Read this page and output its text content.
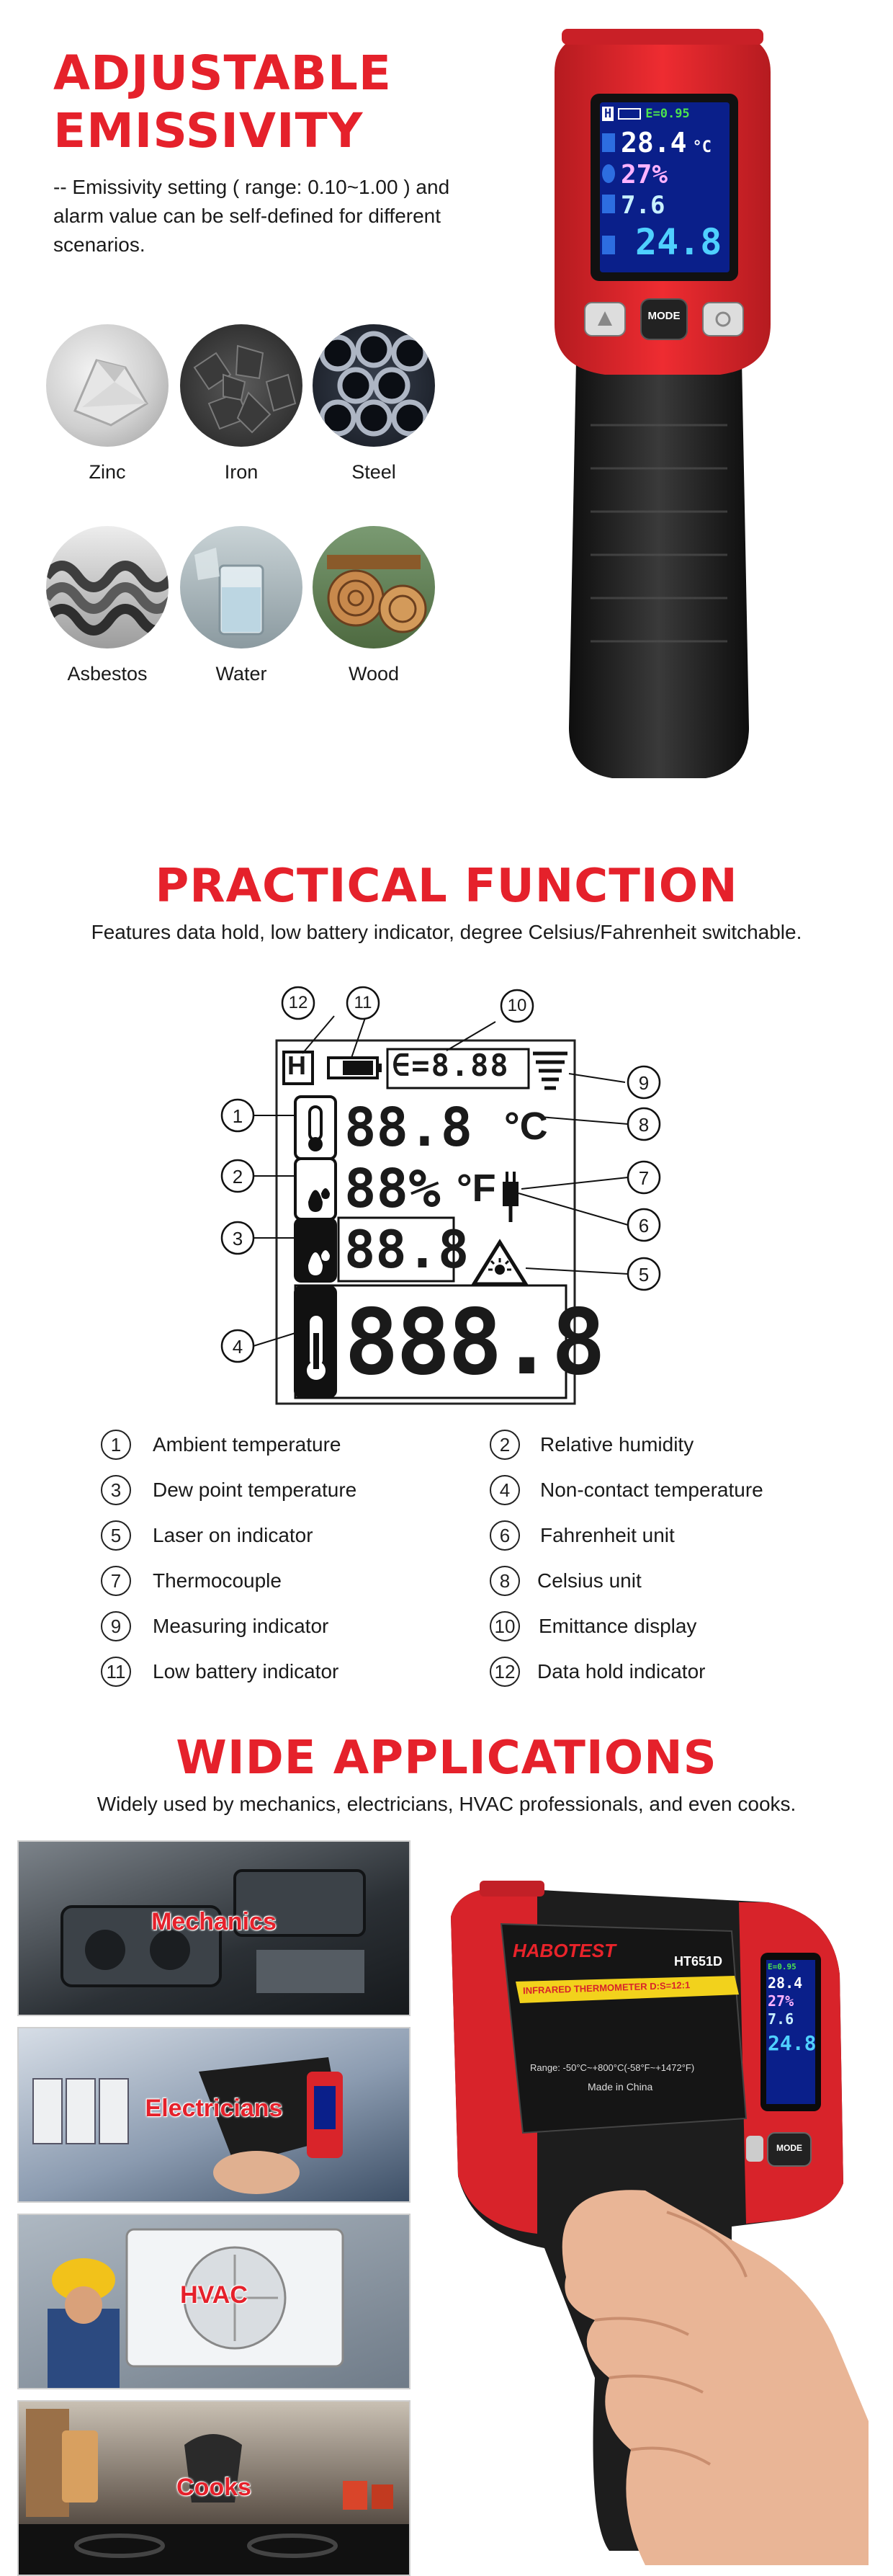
ADJUSTABLE
EMISSIVITY
-- Emissivity setting ( range: 0.10~1.00 ) and alarm value can be self-defined for different scenarios.
Zinc	Iron	Steel
Asbestos	Water	Wood
H	E=0.95
28.4 °C
27%
7.6
24.8
MODE
PRACTICAL FUNCTION
Features data hold, low battery indicator, degree Celsius/Fahrenheit switchable.
H	∈=8.88
88.8
88%
88.8
888.8
°C
°F
12	11	10
9
8
7
6
5
1
2
3
4
1	Ambient temperature	2	Relative humidity
3	Dew point temperature	4	Non-contact temperature
5	Laser on indicator	6	Fahrenheit unit
7	Thermocouple	8	Celsius unit
9	Measuring indicator	10 Emittance display
11 Low battery indicator	12 Data hold indicator
WIDE APPLICATIONS
Widely used by mechanics, electricians, HVAC professionals, and even cooks.
Mechanics
Electricians
HVAC
Cooks
HABOTEST	HT651D
INFRARED THERMOMETER D:S=12:1
Range: -50°C~+800°C(-58°F~+1472°F)
Made in China
E=0.95
28.4
27%
7.6
24.8
MODE
